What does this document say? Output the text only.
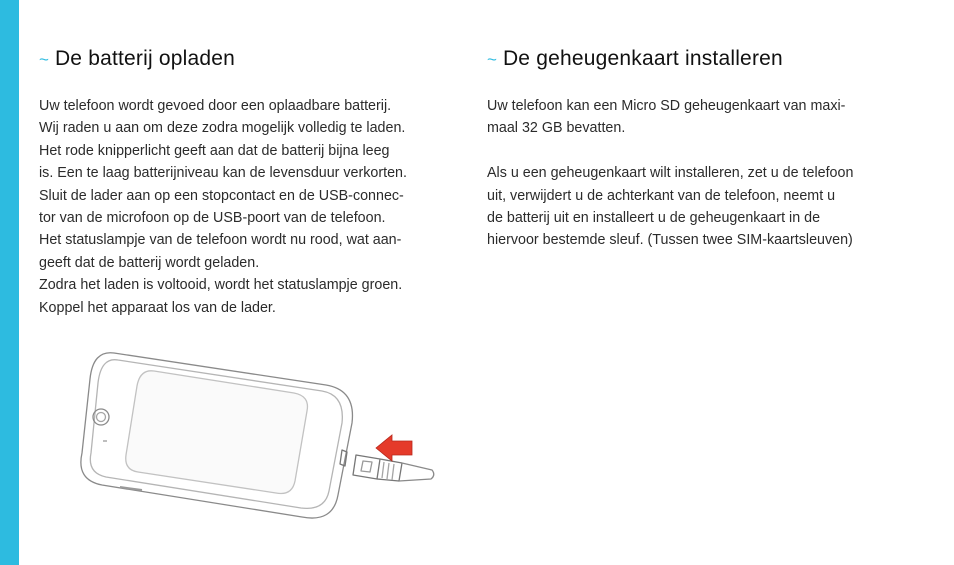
~ De batterij opladen
Uw telefoon wordt gevoed door een oplaadbare batterij.
Wij raden u aan om deze zodra mogelijk volledig te laden.
Het rode knipperlicht geeft aan dat de batterij bijna leeg
is. Een te laag batterijniveau kan de levensduur verkorten.
Sluit de lader aan op een stopcontact en de USB-connec-
tor van de microfoon op de USB-poort van de telefoon.
Het statuslampje van de telefoon wordt nu rood, wat aan-
geeft dat de batterij wordt geladen.
Zodra het laden is voltooid, wordt het statuslampje groen.
Koppel het apparaat los van de lader.
~ De geheugenkaart installeren
Uw telefoon kan een Micro SD geheugenkaart van maxi-
maal 32 GB bevatten.
Als u een geheugenkaart wilt installeren, zet u de telefoon
uit, verwijdert u de achterkant van de telefoon, neemt u
de batterij uit en installeert u de geheugenkaart in de
hiervoor bestemde sleuf. (Tussen twee SIM-kaartsleuven)
